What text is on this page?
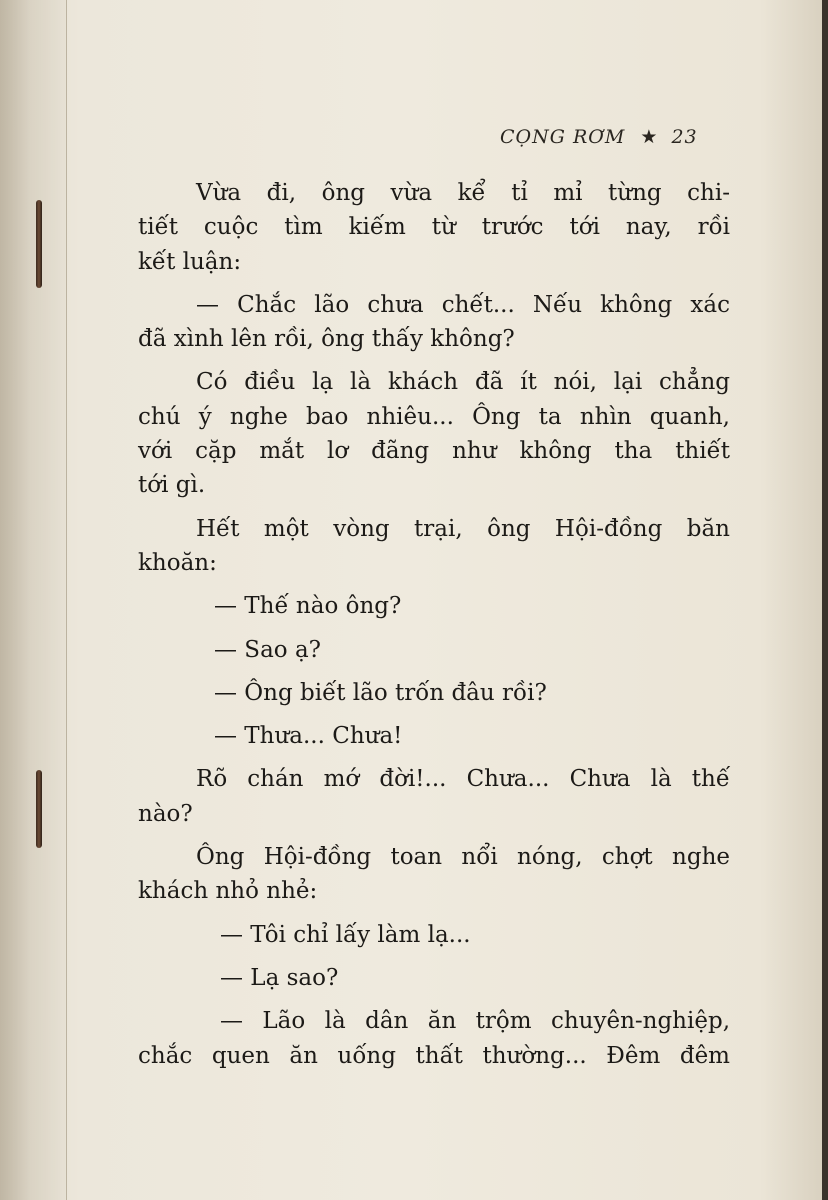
CỌNG RƠM ★ 23

Vừa đi, ông vừa kể tỉ mỉ từng chi-

tiết cuộc tìm kiếm từ trước tới nay, rồi

kết luận:

— Chắc lão chưa chết... Nếu không xác

đã xình lên rồi, ông thấy không?

Có điều lạ là khách đã ít nói, lại chẳng

chú ý nghe bao nhiêu... Ông ta nhìn quanh,

với cặp mắt lơ đãng như không tha thiết

tới gì.

Hết một vòng trại, ông Hội-đồng băn

khoăn:

— Thế nào ông?

— Sao ạ?

— Ông biết lão trốn đâu rồi?

— Thưa... Chưa!

Rõ chán mớ đời!... Chưa... Chưa là thế

nào?

Ông Hội-đồng toan nổi nóng, chợt nghe

khách nhỏ nhẻ:

— Tôi chỉ lấy làm lạ...

— Lạ sao?

— Lão là dân ăn trộm chuyên-nghiệp,

chắc quen ăn uống thất thường... Đêm đêm
